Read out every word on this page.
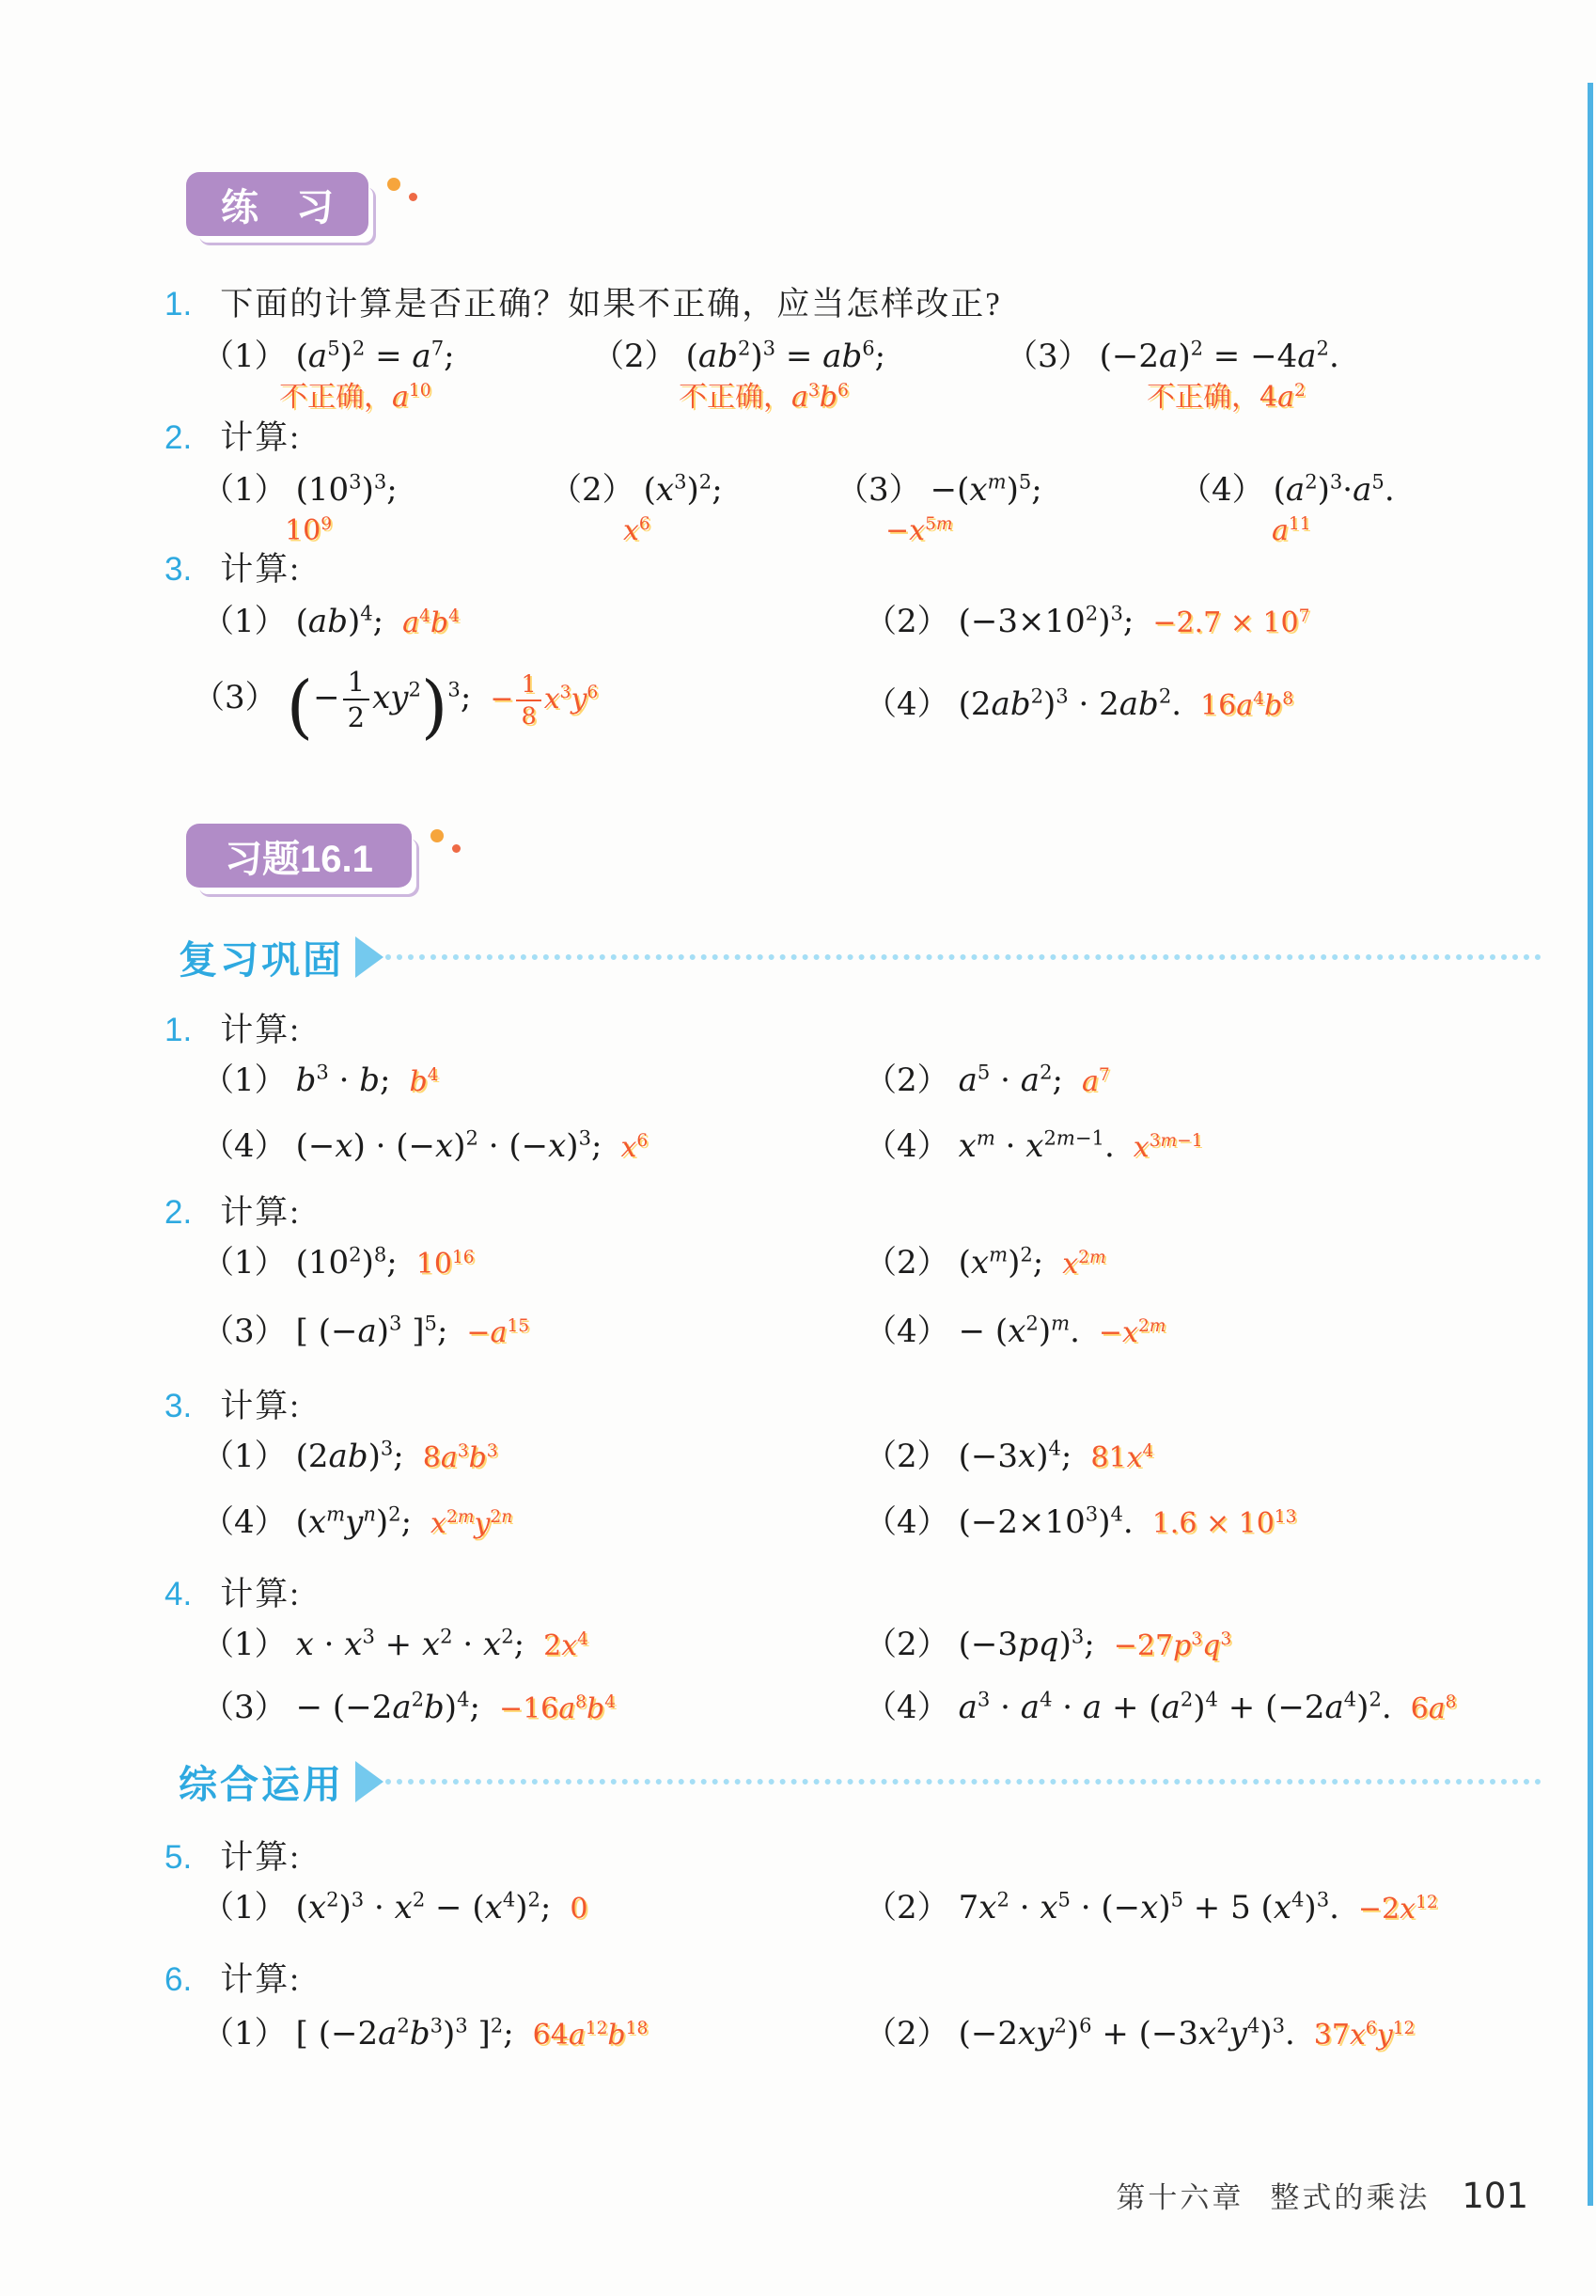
练　习
1. 下面的计算是否正确？如果不正确，应当怎样改正?
（1） $(a^5)^2 = a^7$;
不正确，$a^{10}$
（2） $(ab^2)^3 = ab^6$;
不正确，$a^3b^6$
（3） $(-2a)^2 = -4a^2$.
不正确，$4a^2$
2. 计算:
（1） $(10^3)^3$;
$10^9$
（2） $(x^3)^2$;
$x^6$
$(3) -(x^m)^5$;
$-x^{5m}$
（4） $(a^2)^3\cdot a^5$.
$a^{11}$
3. 计算:
（1） (ab)$^4$; $a^4b^4$	（2） $(-3\times 10^2)^3$; $-2.7 \times 10^7$
（3） (− $\frac{1}{2} xy^2)^3$; − $\frac{1}{8} x^3y^6$	（4） $(2ab^2)^3 \cdot 2ab^2$. $16a^4b^8$
习题16.1
复习巩固
1. 计算:
（1） $b^3 \cdot b$; $b^4$	（2） $a^5 \cdot a^2$; $a^7$
（4） $(-x) \cdot (-x)^2 \cdot (-x)^3$; $x^6$	（4） $x^m \cdot x^{2m-1}$. $x^{3m-1}$
2. 计算:
（1） $(10^2)^8$; $10^{16}$	（2） $(x^m)^2$; $x^{2m}$
（3） [ $(-a)^3$ ]$^5$; $-a^{15}$	$(4) - (x^2)^m$. $-x^{2m}$
3. 计算:
（1） $(2ab)^3$; $8a^3b^3$	（2） $(-3x)^4$; $81x^4$
（4） $(x^my^n)^2$; $x^{2m}y^{2n}$	（4） $(-2\times 10^3)^4$. $1.6 \times 10^{13}$
4. 计算:
（1） $x \cdot x^3 + x^2 \cdot x^2$; $2x^4$	（2） $(-3pq)^3$; $-27p^3q^3$
$(3) - (-2a^2b)^4$; $-16a^8b^4$	（4） $a^3 \cdot a^4 \cdot a + (a^2)^4 + (-2a^4)^2$. $6a^8$
综合运用
5. 计算:
（1） $(x^2)^3 \cdot x^2 - (x^4)^2$; 0	（2） $7x^2 \cdot x^5 \cdot (-x)^5 + 5$ $(x^4)^3$. $-2x^{12}$
6. 计算:
（1） [ $(-2a^2b^3)^3$ ]$^2$; $64a^{12}b^{18}$	（2） $(-2xy^2)^6 + (-3x^2y^4)^3$. $37x^6y^{12}$
第十六章 整式的乘法 101
